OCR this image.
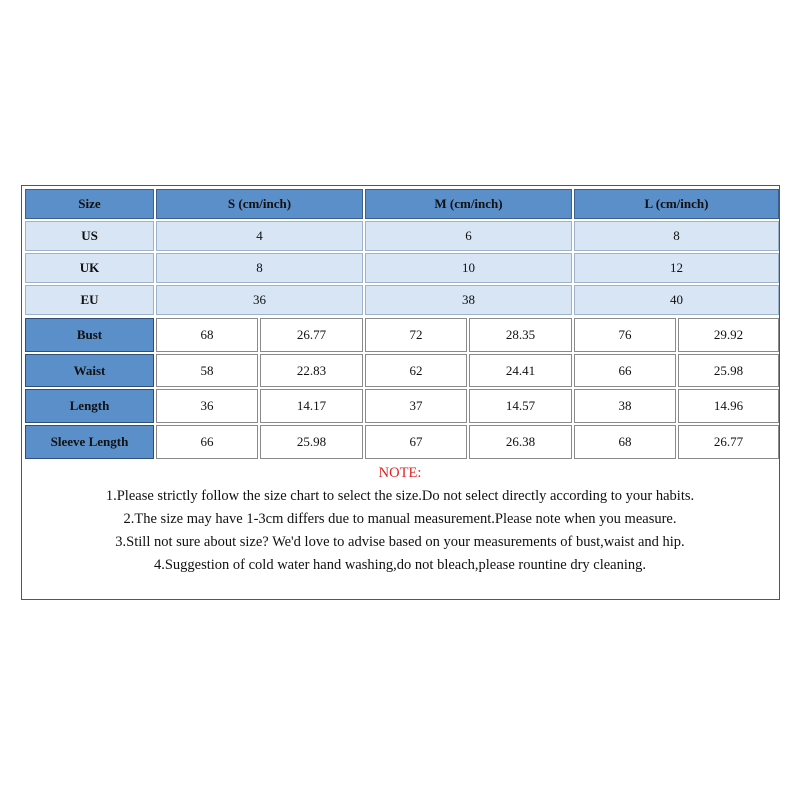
Size	S (cm/inch)	M (cm/inch)	L (cm/inch)
US	4	6	8
UK	8	10	12
EU	36	38	40
Bust	68	26.77	72	28.35	76	29.92
Waist	58	22.83	62	24.41	66	25.98
Length	36	14.17	37	14.57	38	14.96
Sleeve Length	66	25.98	67	26.38	68	26.77
NOTE:
1.Please strictly follow the size chart to select the size.Do not select directly according to your habits.
2.The size may have 1-3cm differs due to manual measurement.Please note when you measure.
3.Still not sure about size? We'd love to advise based on your measurements of bust,waist and hip.
4.Suggestion of cold water hand washing,do not bleach,please rountine dry cleaning.
